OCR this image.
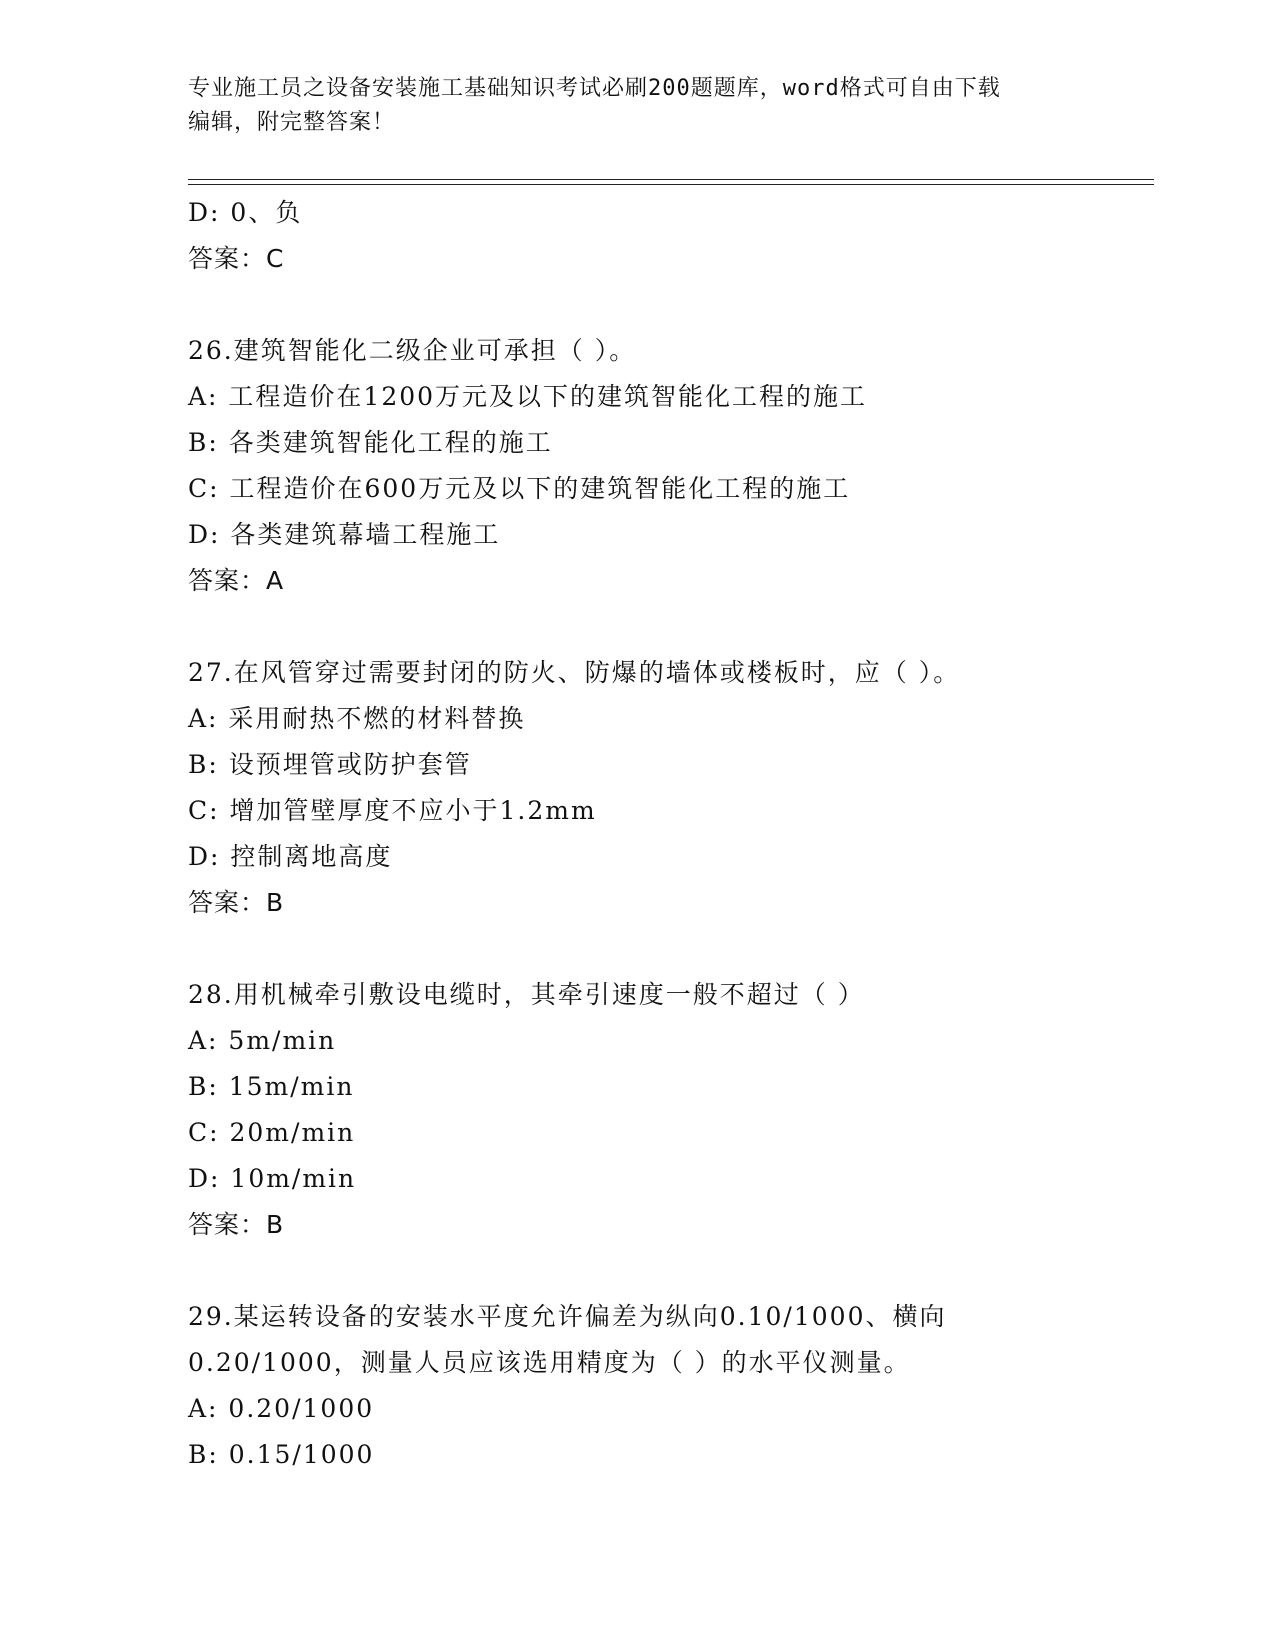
专业施工员之设备安装施工基础知识考试必刷200题题库，word格式可自由下载
编辑，附完整答案！
D: 0、负
答案：C
26.建筑智能化二级企业可承担（ ）。
A: 工程造价在1200万元及以下的建筑智能化工程的施工
B: 各类建筑智能化工程的施工
C: 工程造价在600万元及以下的建筑智能化工程的施工
D: 各类建筑幕墙工程施工
答案：A
27.在风管穿过需要封闭的防火、防爆的墙体或楼板时，应（ ）。
A: 采用耐热不燃的材料替换
B: 设预埋管或防护套管
C: 增加管壁厚度不应小于1.2mm
D: 控制离地高度
答案：B
28.用机械牵引敷设电缆时，其牵引速度一般不超过（ ）
A: 5m/min
B: 15m/min
C: 20m/min
D: 10m/min
答案：B
29.某运转设备的安装水平度允许偏差为纵向0.10/1000、横向
0.20/1000，测量人员应该选用精度为（ ）的水平仪测量。
A: 0.20/1000
B: 0.15/1000
